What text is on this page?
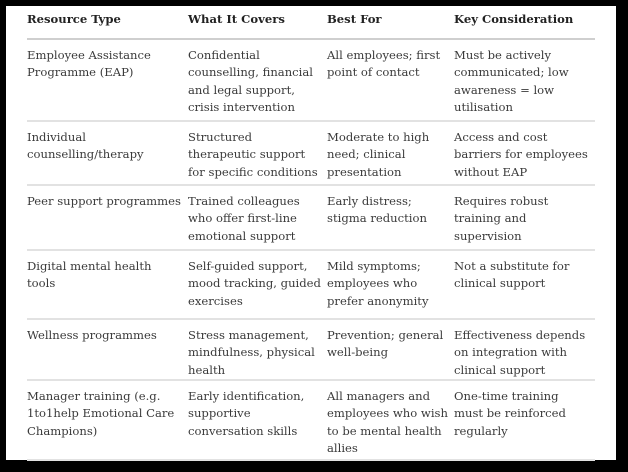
Resource Type	What It Covers	Best For	Key Consideration

Employee Assistance Programme (EAP)	Confidential counselling, financial and legal support, crisis intervention	All employees; first point of contact	Must be actively communicated; low awareness = low utilisation

Individual counselling/therapy	Structured therapeutic support for specific conditions	Moderate to high need; clinical presentation	Access and cost barriers for employees without EAP

Peer support programmes	Trained colleagues who offer first-line emotional support	Early distress; stigma reduction	Requires robust training and supervision

Digital mental health tools	Self-guided support, mood tracking, guided exercises	Mild symptoms; employees who prefer anonymity	Not a substitute for clinical support

Wellness programmes	Stress management, mindfulness, physical health	Prevention; general well-being	Effectiveness depends on integration with clinical support

Manager training (e.g. 1to1help Emotional Care Champions)	Early identification, supportive conversation skills	All managers and employees who wish to be mental health allies	One-time training must be reinforced regularly
